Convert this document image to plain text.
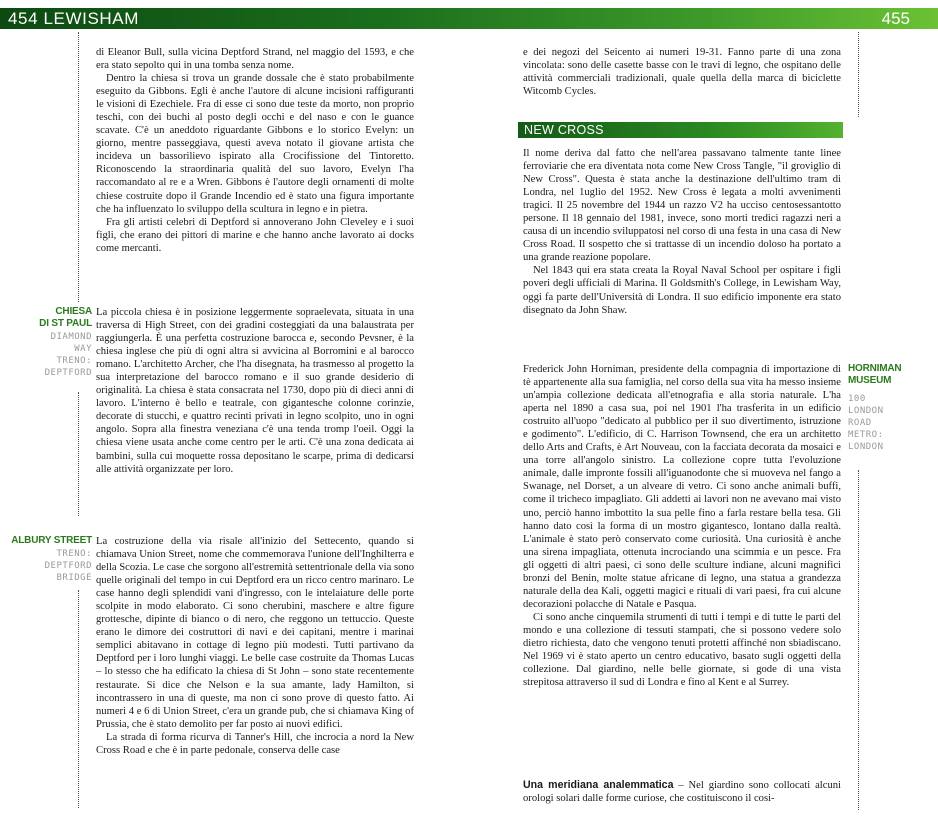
454 LEWISHAM	455

di Eleanor Bull, sulla vicina Deptford Strand, nel maggio del 1593, e che era stato sepolto qui in una tomba senza nome.

Dentro la chiesa si trova un grande dossale che è stato probabilmente eseguito da Gibbons. Egli è anche l'autore di alcune incisioni raffiguranti le visioni di Ezechiele. Fra di esse ci sono due teste da morto, non proprio teschi, con dei buchi al posto degli occhi e del naso e con le guance scavate. C'è un aneddoto riguardante Gibbons e lo storico Evelyn: un giorno, mentre passeggiava, questi aveva notato il giovane artista che incideva un bassorilievo ispirato alla Crocifissione del Tintoretto. Riconoscendo la straordinaria qualità del suo lavoro, Evelyn l'ha raccomandato al re e a Wren. Gibbons è l'autore degli ornamenti di molte chiese costruite dopo il Grande Incendio ed è stato una figura importante che ha influenzato lo sviluppo della scultura in legno e in pietra.

Fra gli artisti celebri di Deptford si annoverano John Cleveley e i suoi figli, che erano dei pittori di marine e che hanno anche lavorato ai docks come mercanti.

CHIESA
DI ST PAUL
DIAMOND
WAY
TRENO:
DEPTFORD

La piccola chiesa è in posizione leggermente sopraelevata, situata in una traversa di High Street, con dei gradini costeggiati da una balaustrata per raggiungerla. È una perfetta costruzione barocca e, secondo Pevsner, è la chiesa inglese che più di ogni altra si avvicina al Borromini e al barocco romano. L'architetto Archer, che l'ha disegnata, ha trasmesso al progetto la sua interpretazione del barocco romano e il suo grande desiderio di originalità. La chiesa è stata consacrata nel 1730, dopo più di dieci anni di lavoro. L'interno è bello e teatrale, con gigantesche colonne corinzie, decorate di stucchi, e quattro recinti privati in legno scolpito, uno in ogni angolo. Sopra alla finestra veneziana c'è una tenda tromp l'oeil. Oggi la chiesa viene usata anche come centro per le arti. C'è una zona dedicata ai bambini, sulla cui moquette rossa depositano le scarpe, prima di dedicarsi alle attività organizzate per loro.

ALBURY STREET
TRENO:
DEPTFORD
BRIDGE

La costruzione della via risale all'inizio del Settecento, quando si chiamava Union Street, nome che commemorava l'unione dell'Inghilterra e della Scozia. Le case che sorgono all'estremità settentrionale della via sono quelle originali del tempo in cui Deptford era un ricco centro marinaro. Le case hanno degli splendidi vani d'ingresso, con le intelaiature delle porte scolpite in modo elaborato. Ci sono cherubini, maschere e altre figure grottesche, dipinte di bianco o di nero, che reggono un tettuccio. Queste erano le dimore dei costruttori di navi e dei capitani, mentre i marinai semplici abitavano in cottage di legno più modesti. Tutti partivano da Deptford per i loro lunghi viaggi. Le belle case costruite da Thomas Lucas – lo stesso che ha edificato la chiesa di St John – sono state recentemente restaurate. Si dice che Nelson e la sua amante, lady Hamilton, si incontrassero in una di queste, ma non ci sono prove di questo fatto. Ai numeri 4 e 6 di Union Street, c'era un grande pub, che si chiamava King of Prussia, che è stato demolito per far posto ai nuovi edifici.

La strada di forma ricurva di Tanner's Hill, che incrocia a nord la New Cross Road e che è in parte pedonale, conserva delle case

e dei negozi del Seicento ai numeri 19-31. Fanno parte di una zona vincolata: sono delle casette basse con le travi di legno, che ospitano delle attività commerciali tradizionali, quale quella della marca di biciclette Witcomb Cycles.

NEW CROSS

Il nome deriva dal fatto che nell'area passavano talmente tante linee ferroviarie che era diventata nota come New Cross Tangle, "il groviglio di New Cross". Questa è stata anche la destinazione dell'ultimo tram di Londra, nel 1uglio del 1952. New Cross è legata a molti avvenimenti tragici. Il 25 novembre del 1944 un razzo V2 ha ucciso centosessantotto persone. Il 18 gennaio del 1981, invece, sono morti tredici ragazzi neri a causa di un incendio sviluppatosi nel corso di una festa in una casa di New Cross Road. Il sospetto che si trattasse di un incendio doloso ha portato a una grande reazione popolare.

Nel 1843 qui era stata creata la Royal Naval School per ospitare i figli poveri degli ufficiali di Marina. Il Goldsmith's College, in Lewisham Way, oggi fa parte dell'Università di Londra. Il suo edificio imponente era stato disegnato da John Shaw.

HORNIMAN
MUSEUM
100
LONDON
ROAD
METRO:
LONDON

Frederick John Horniman, presidente della compagnia di importazione di tè appartenente alla sua famiglia, nel corso della sua vita ha messo insieme un'ampia collezione dedicata all'etnografia e alla storia naturale. L'ha aperta nel 1890 a casa sua, poi nel 1901 l'ha trasferita in un edificio costruito all'uopo "dedicato al pubblico per il suo divertimento, istruzione e godimento". L'edificio, di C. Harrison Townsend, che era un architetto dello Arts and Crafts, è Art Nouveau, con la facciata decorata da mosaici e una torre all'angolo sinistro. La collezione copre tutta l'evoluzione animale, dalle impronte fossili all'iguanodonte che si muoveva nel fango a Swanage, nel Dorset, a un alveare di vetro. Ci sono anche animali buffi, come il tricheco impagliato. Gli addetti ai lavori non ne avevano mai visto uno, perciò hanno imbottito la sua pelle fino a farla restare bella tesa. Gli hanno dato così la forma di un mostro gigantesco, lontano dalla realtà. L'animale è stato però conservato come curiosità. Una curiosità è anche una sirena impagliata, ottenuta incrociando una scimmia e un pesce. Fra gli oggetti di altri paesi, ci sono delle sculture indiane, alcuni magnifici bronzi del Benin, molte statue africane di legno, una statua a grandezza naturale della dea Kali, oggetti magici e rituali di vari paesi, fra cui alcune decorazioni polacche di Natale e Pasqua.

Ci sono anche cinquemila strumenti di tutti i tempi e di tutte le parti del mondo e una collezione di tessuti stampati, che si possono vedere solo dietro richiesta, dato che vengono tenuti protetti affinché non sbiadiscano. Nel 1969 vi è stato aperto un centro educativo, basato sugli oggetti della collezione. Dal giardino, nelle belle giornate, si gode di una vista strepitosa attraverso il sud di Londra e fino al Kent e al Surrey.

Una meridiana analemmatica – Nel giardino sono collocati alcuni orologi solari dalle forme curiose, che costituiscono il cosi-
